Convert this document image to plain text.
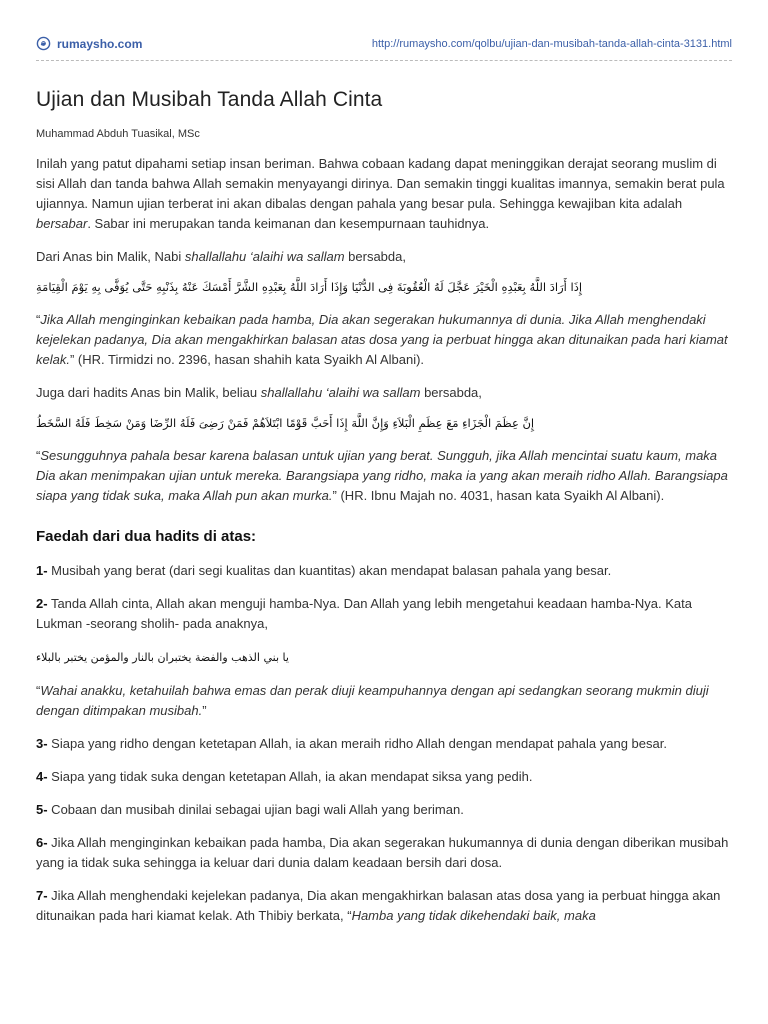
rumaysho.com	http://rumaysho.com/qolbu/ujian-dan-musibah-tanda-allah-cinta-3131.html
Ujian dan Musibah Tanda Allah Cinta
Muhammad Abduh Tuasikal, MSc

Inilah yang patut dipahami setiap insan beriman. Bahwa cobaan kadang dapat meninggikan derajat seorang muslim di sisi Allah dan tanda bahwa Allah semakin menyayangi dirinya. Dan semakin tinggi kualitas imannya, semakin berat pula ujiannya. Namun ujian terberat ini akan dibalas dengan pahala yang besar pula. Sehingga kewajiban kita adalah bersabar. Sabar ini merupakan tanda keimanan dan kesempurnaan tauhidnya.

Dari Anas bin Malik, Nabi shallallahu ‘alaihi wa sallam bersabda,

إِذَا أَرَادَ اللَّهُ بِعَبْدِهِ الْخَيْرَ عَجَّلَ لَهُ الْعُقُوبَةَ فِى الدُّنْيَا وَإِذَا أَرَادَ اللَّهُ بِعَبْدِهِ الشَّرَّ أَمْسَكَ عَنْهُ بِذَنْبِهِ حَتَّى يُوَفَّى بِهِ يَوْمَ الْقِيَامَةِ

“Jika Allah menginginkan kebaikan pada hamba, Dia akan segerakan hukumannya di dunia. Jika Allah menghendaki kejelekan padanya, Dia akan mengakhirkan balasan atas dosa yang ia perbuat hingga akan ditunaikan pada hari kiamat kelak.” (HR. Tirmidzi no. 2396, hasan shahih kata Syaikh Al Albani).

Juga dari hadits Anas bin Malik, beliau shallallahu ‘alaihi wa sallam bersabda,

إِنَّ عِظَمَ الْجَزَاءِ مَعَ عِظَمِ الْبَلاَءِ وَإِنَّ اللَّهَ إِذَا أَحَبَّ قَوْمًا ابْتَلاَهُمْ فَمَنْ رَضِىَ فَلَهُ الرِّضَا وَمَنْ سَخِطَ فَلَهُ السَّخَطُ

“Sesungguhnya pahala besar karena balasan untuk ujian yang berat. Sungguh, jika Allah mencintai suatu kaum, maka Dia akan menimpakan ujian untuk mereka. Barangsiapa yang ridho, maka ia yang akan meraih ridho Allah. Barangsiapa siapa yang tidak suka, maka Allah pun akan murka.” (HR. Ibnu Majah no. 4031, hasan kata Syaikh Al Albani).

Faedah dari dua hadits di atas:

1- Musibah yang berat (dari segi kualitas dan kuantitas) akan mendapat balasan pahala yang besar.

2- Tanda Allah cinta, Allah akan menguji hamba-Nya. Dan Allah yang lebih mengetahui keadaan hamba-Nya. Kata Lukman -seorang sholih- pada anaknya,

يا بني الذهب والفضة يختبران بالنار والمؤمن يختبر بالبلاء

“Wahai anakku, ketahuilah bahwa emas dan perak diuji keampuhannya dengan api sedangkan seorang mukmin diuji dengan ditimpakan musibah.”

3- Siapa yang ridho dengan ketetapan Allah, ia akan meraih ridho Allah dengan mendapat pahala yang besar.

4- Siapa yang tidak suka dengan ketetapan Allah, ia akan mendapat siksa yang pedih.

5- Cobaan dan musibah dinilai sebagai ujian bagi wali Allah yang beriman.

6- Jika Allah menginginkan kebaikan pada hamba, Dia akan segerakan hukumannya di dunia dengan diberikan musibah yang ia tidak suka sehingga ia keluar dari dunia dalam keadaan bersih dari dosa.

7- Jika Allah menghendaki kejelekan padanya, Dia akan mengakhirkan balasan atas dosa yang ia perbuat hingga akan ditunaikan pada hari kiamat kelak. Ath Thibiy berkata, “Hamba yang tidak dikehendaki baik, maka
